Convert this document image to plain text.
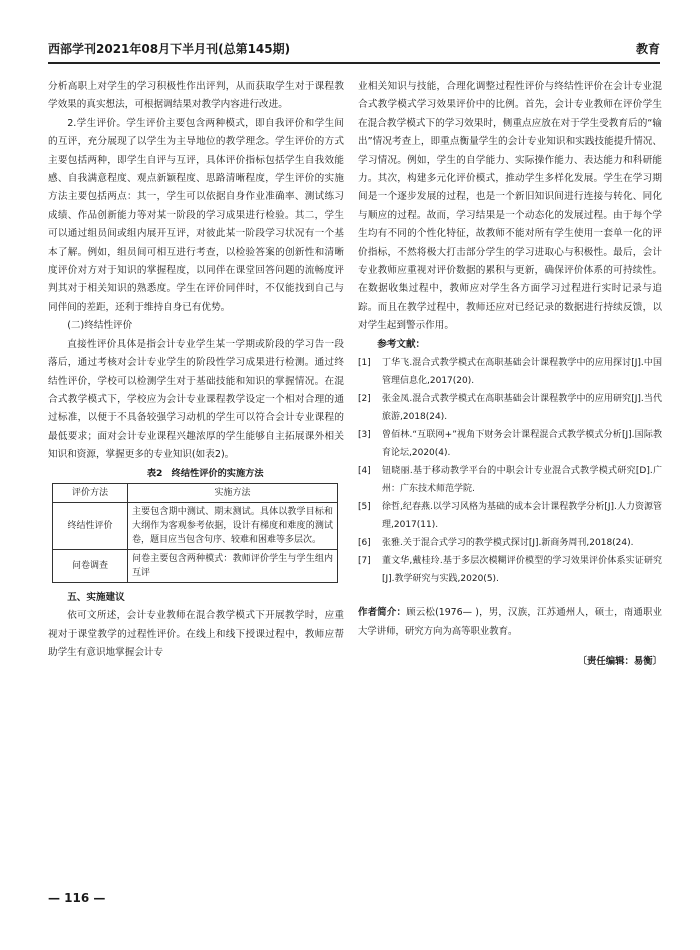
西部学刊2021年08月下半月刊(总第145期)	教育

分析高职上对学生的学习积极性作出评判，从而获取学生对于课程教学效果的真实想法，可根据调结果对教学内容进行改进。

2.学生评价。学生评价主要包含两种模式，即自我评价和学生间的互评，充分展现了以学生为主导地位的教学理念。学生评价的方式主要包括两种，即学生自评与互评，具体评价指标包括学生自我效能感、自我满意程度、观点新颖程度、思路清晰程度，学生评价的实施方法主要包括两点：其一，学生可以依据自身作业准确率、测试练习成绩、作品创新能力等对某一阶段的学习成果进行检验。其二，学生可以通过组员间或组内展开互评，对彼此某一阶段学习状况有一个基本了解。例如，组员间可相互进行考查，以检验答案的创新性和清晰度评价对方对于知识的掌握程度，以同伴在课堂回答问题的流畅度评判其对于相关知识的熟悉度。学生在评价同伴时，不仅能找到自己与同伴间的差距，还利于维持自身已有优势。

(二)终结性评价

直接性评价具体是指会计专业学生某一学期或阶段的学习告一段落后，通过考核对会计专业学生的阶段性学习成果进行检测。通过终结性评价，学校可以检测学生对于基础技能和知识的掌握情况。在混合式教学模式下，学校应为会计专业课程教学设定一个相对合理的通过标准，以便于不具备较强学习动机的学生可以符合会计专业课程的最低要求；面对会计专业课程兴趣浓厚的学生能够自主拓展课外相关知识和资源，掌握更多的专业知识(如表2)。

表2　终结性评价的实施方法

评价方法	实施方法
终结性评价	主要包含期中测试、期末测试。具体以教学目标和大纲作为客观参考依据，设计有梯度和难度的测试卷，题目应当包含句序、较难和困难等多层次。
问卷调查	问卷主要包含两种模式：教师评价学生与学生组内互评

五、实施建议

依可文所述，会计专业教师在混合教学模式下开展教学时，应重视对于课堂教学的过程性评价。在线上和线下授课过程中，教师应帮助学生有意识地掌握会计专

业相关知识与技能，合理化调整过程性评价与终结性评价在会计专业混合式教学模式学习效果评价中的比例。首先，会计专业教师在评价学生在混合教学模式下的学习效果时，侧重点应放在对于学生受教育后的“输出”情况考查上，即重点衡量学生的会计专业知识和实践技能提升情况、学习情况。例如，学生的自学能力、实际操作能力、表达能力和科研能力。其次，构建多元化评价模式，推动学生多样化发展。学生在学习期间是一个逐步发展的过程，也是一个新旧知识间进行连接与转化、同化与顺应的过程。故而，学习结果是一个动态化的发展过程。由于每个学生均有不同的个性化特征，故教师不能对所有学生使用一套单一化的评价指标，不然将极大打击部分学生的学习进取心与积极性。最后，会计专业教师应重视对评价数据的累积与更新，确保评价体系的可持续性。在数据收集过程中，教师应对学生各方面学习过程进行实时记录与追踪。而且在教学过程中，教师还应对已经记录的数据进行持续反馈，以对学生起到警示作用。

参考文献：

[1] 丁华飞.混合式教学模式在高职基础会计课程教学中的应用探讨[J].中国管理信息化,2017(20).
[2] 张金凤.混合式教学模式在高职基础会计课程教学中的应用研究[J].当代旅游,2018(24).
[3] 曾佰林.“互联网+”视角下财务会计课程混合式教学模式分析[J].国际教育论坛,2020(4).
[4] 钮晓丽.基于移动教学平台的中职会计专业混合式教学模式研究[D].广州：广东技术师范学院.
[5] 徐哲,纪春燕.以学习风格为基础的成本会计课程教学分析[J].人力资源管理,2017(11).
[6] 张雅.关于混合式学习的教学模式探讨[J].新商务周刊,2018(24).
[7] 董文华,戴桂玲.基于多层次模糊评价模型的学习效果评价体系实证研究[J].教学研究与实践,2020(5).
作者简介：顾云松(1976— )，男，汉族，江苏通州人，硕士，南通职业大学讲师，研究方向为高等职业教育。
〔责任编辑：易衡〕
— 116 —
